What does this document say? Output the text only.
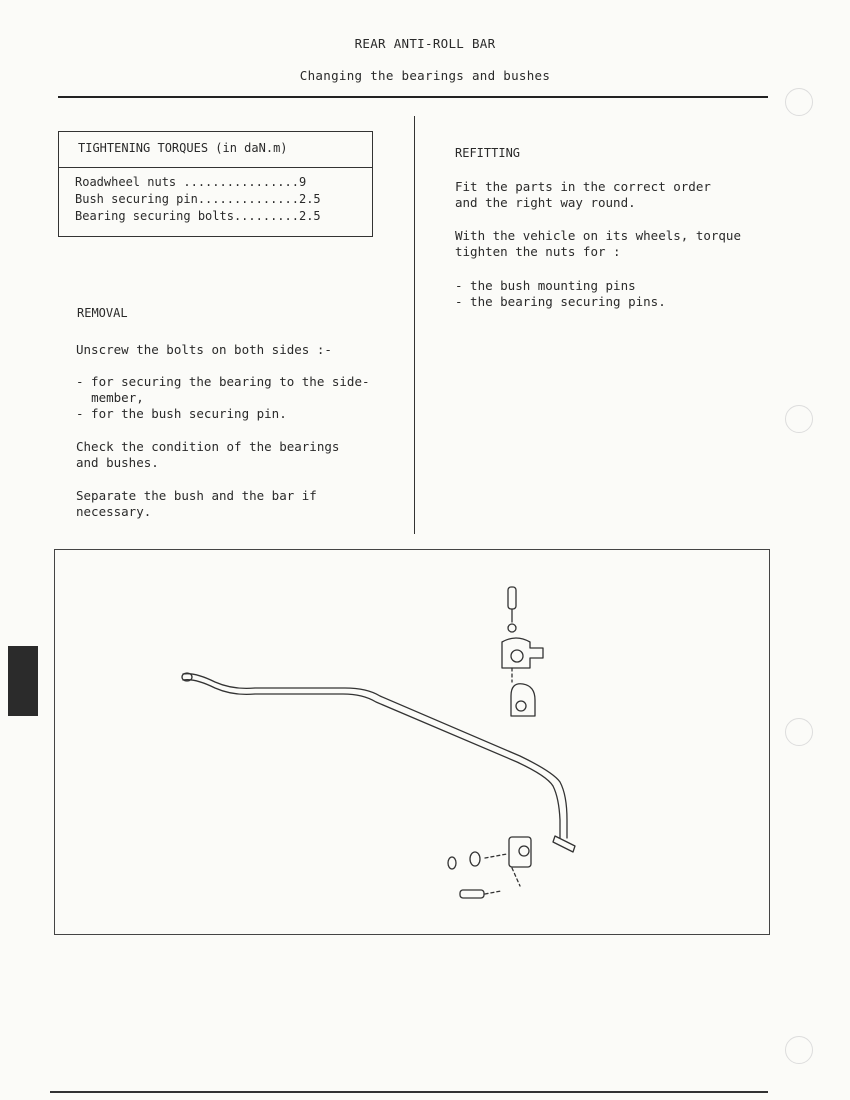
REAR ANTI-ROLL BAR
Changing the bearings and bushes
TIGHTENING TORQUES (in daN.m)
Roadwheel nuts ................9
Bush securing pin..............2.5
Bearing securing bolts.........2.5
REMOVAL
Unscrew the bolts on both sides :-
- for securing the bearing to the side-
member,
- for the bush securing pin.
Check the condition of the bearings
and bushes.
Separate the bush and the bar if
necessary.
REFITTING
Fit the parts in the correct order
and the right way round.
With the vehicle on its wheels, torque
tighten the nuts for :
- the bush mounting pins
- the bearing securing pins.
